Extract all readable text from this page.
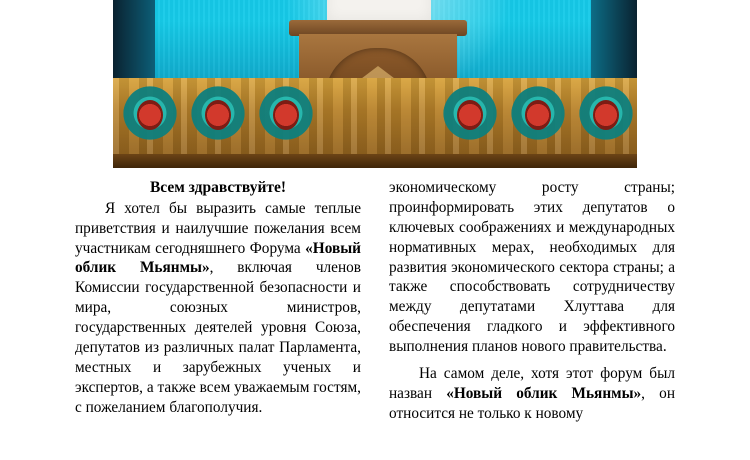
Всем здравствуйте!

Я хотел бы выразить самые теплые приветствия и наилучшие пожелания всем участникам сегодняшнего Форума «Новый облик Мьянмы», включая членов Комиссии государственной безопасности и мира, союзных министров, государственных деятелей уровня Союза, депутатов из различных палат Парламента, местных и зарубежных ученых и экспертов, а также всем уважаемым гостям, с пожеланием благополучия.

экономическому росту страны; проинформировать этих депутатов о ключевых соображениях и международных нормативных мерах, необходимых для развития экономического сектора страны; а также способствовать сотрудничеству между депутатами Хлуттава для обеспечения гладкого и эффективного выполнения планов нового правительства.

На самом деле, хотя этот форум был назван «Новый облик Мьянмы», он относится не только к новому
